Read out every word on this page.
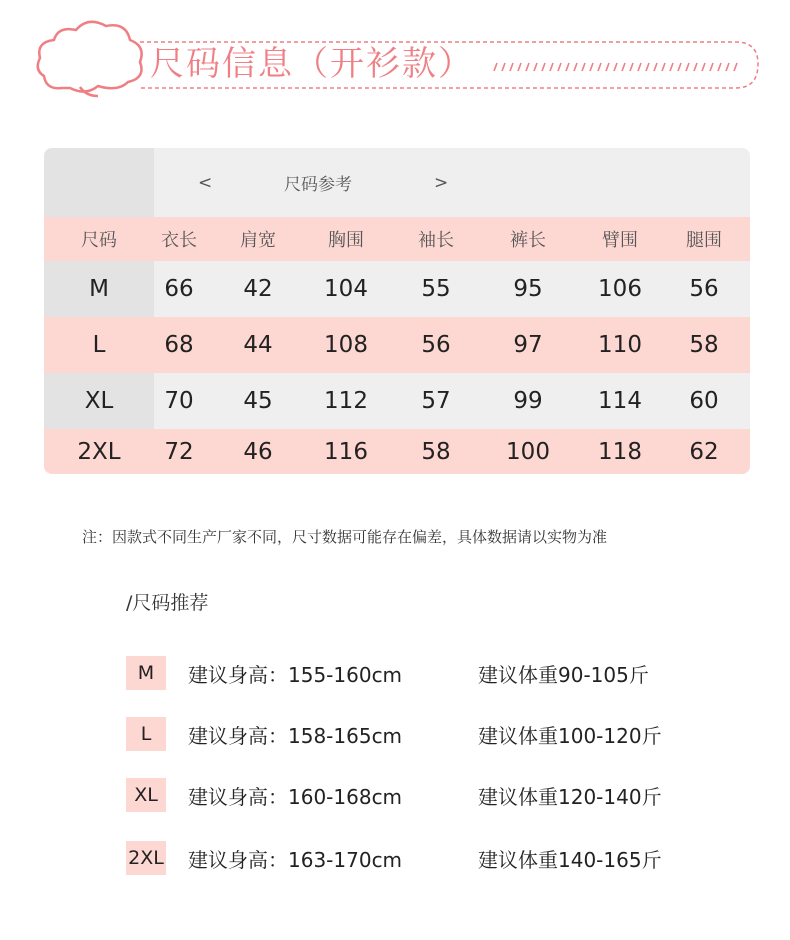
尺码信息（开衫款）
<	尺码参考	>
尺码	衣长	肩宽	胸围	袖长	裤长	臂围	腿围
M	66	42	104	55	95	106	56
L	68	44	108	56	97	110	58
XL	70	45	112	57	99	114	60
2XL	72	46	116	58	100	118	62
注：因款式不同生产厂家不同，尺寸数据可能存在偏差，具体数据请以实物为准
/尺码推荐
M	建议身高：155-160cm	建议体重90-105斤
L	建议身高：158-165cm	建议体重100-120斤
XL	建议身高：160-168cm	建议体重120-140斤
2XL 建议身高：163-170cm	建议体重140-165斤
